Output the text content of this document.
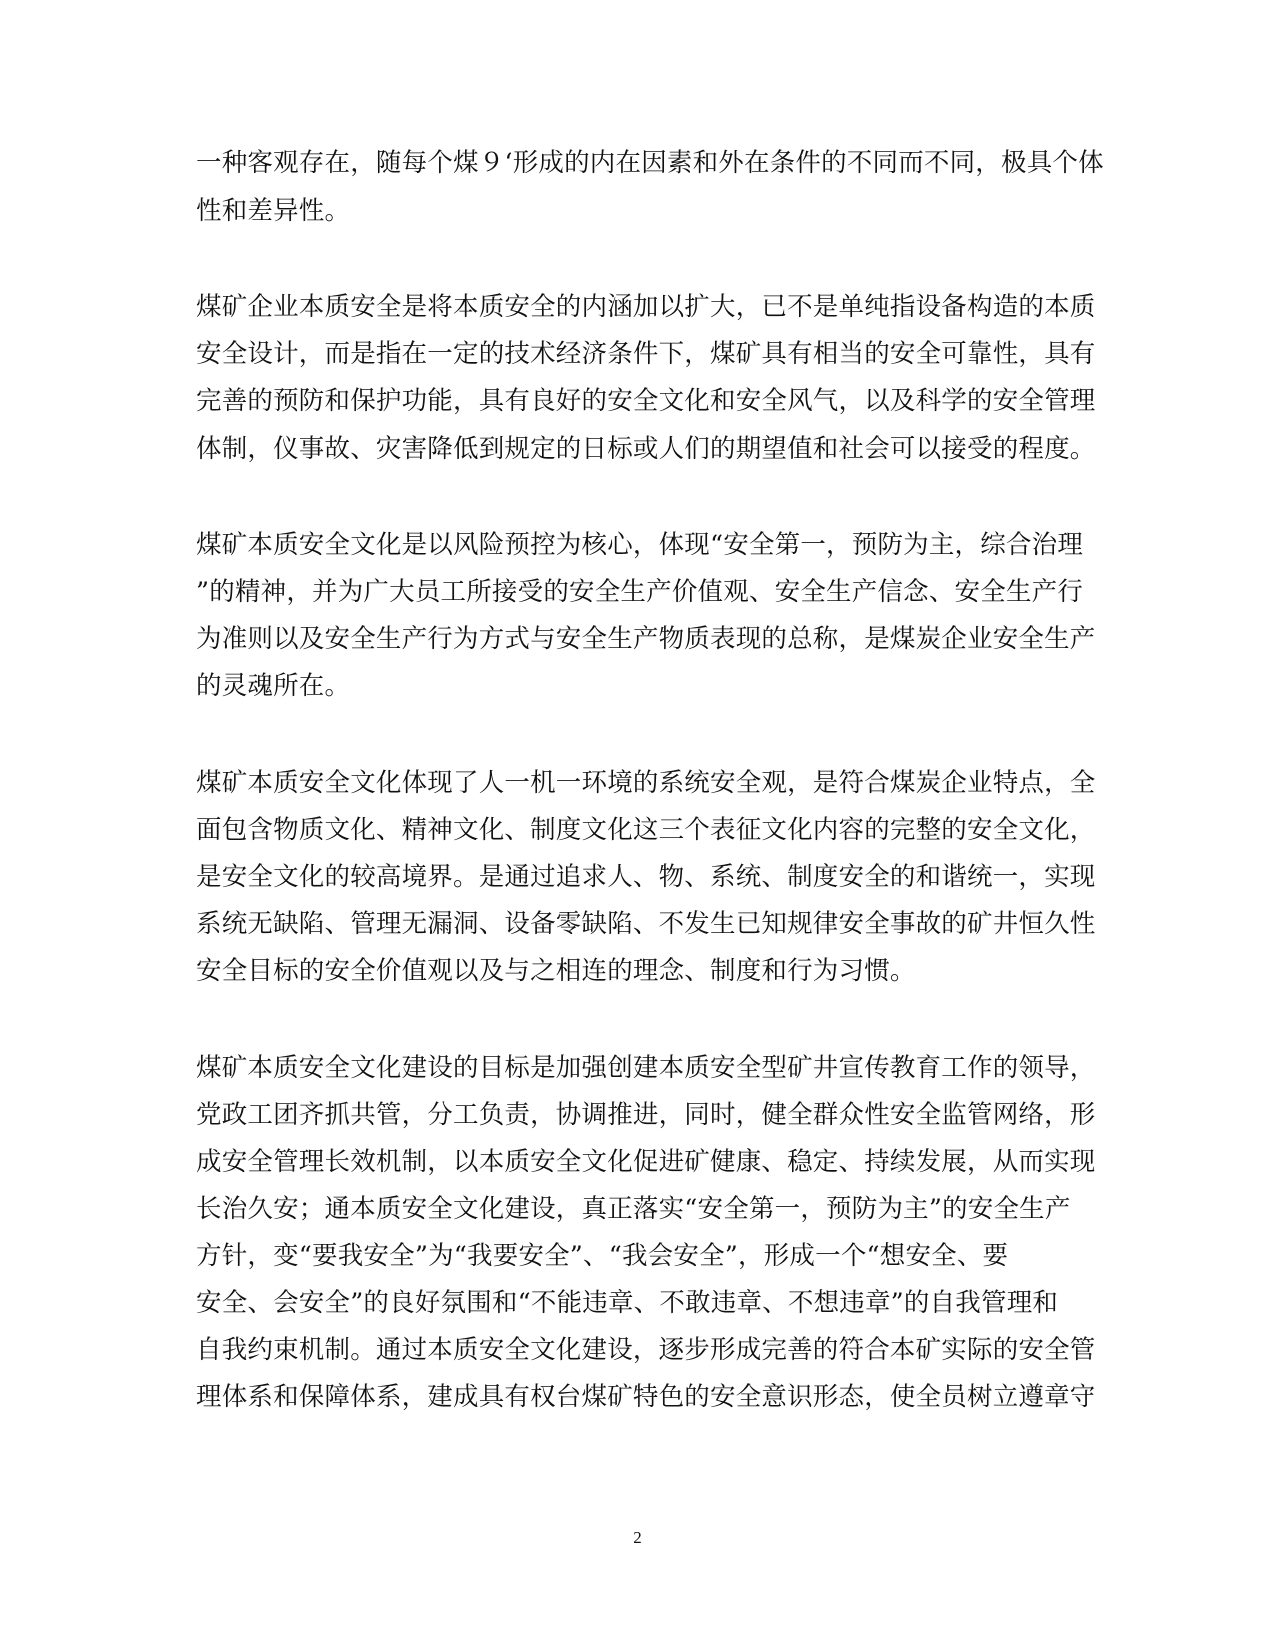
一种客观存在，随每个煤９‘形成的内在因素和外在条件的不同而不同，极具个体

性和差异性。

煤矿企业本质安全是将本质安全的内涵加以扩大，已不是单纯指设备构造的本质

安全设计，而是指在一定的技术经济条件下，煤矿具有相当的安全可靠性，具有

完善的预防和保护功能，具有良好的安全文化和安全风气，以及科学的安全管理

体制，仪事故、灾害降低到规定的日标或人们的期望值和社会可以接受的程度。

煤矿本质安全文化是以风险预控为核心，体现“安全第一，预防为主，综合治理

”的精神，并为广大员工所接受的安全生产价值观、安全生产信念、安全生产行

为准则以及安全生产行为方式与安全生产物质表现的总称，是煤炭企业安全生产

的灵魂所在。

煤矿本质安全文化体现了人一机一环境的系统安全观，是符合煤炭企业特点，全

面包含物质文化、精神文化、制度文化这三个表征文化内容的完整的安全文化，

是安全文化的较高境界。是通过追求人、物、系统、制度安全的和谐统一，实现

系统无缺陷、管理无漏洞、设备零缺陷、不发生已知规律安全事故的矿井恒久性

安全目标的安全价值观以及与之相连的理念、制度和行为习惯。

煤矿本质安全文化建设的目标是加强创建本质安全型矿井宣传教育工作的领导，

党政工团齐抓共管，分工负责，协调推进，同时，健全群众性安全监管网络，形

成安全管理长效机制，以本质安全文化促进矿健康、稳定、持续发展，从而实现

长治久安；通本质安全文化建设，真正落实“安全第一，预防为主”的安全生产

方针，变“要我安全”为“我要安全”、“我会安全”，形成一个“想安全、要

安全、会安全”的良好氛围和“不能违章、不敢违章、不想违章”的自我管理和

自我约束机制。通过本质安全文化建设，逐步形成完善的符合本矿实际的安全管

理体系和保障体系，建成具有权台煤矿特色的安全意识形态，使全员树立遵章守

2
